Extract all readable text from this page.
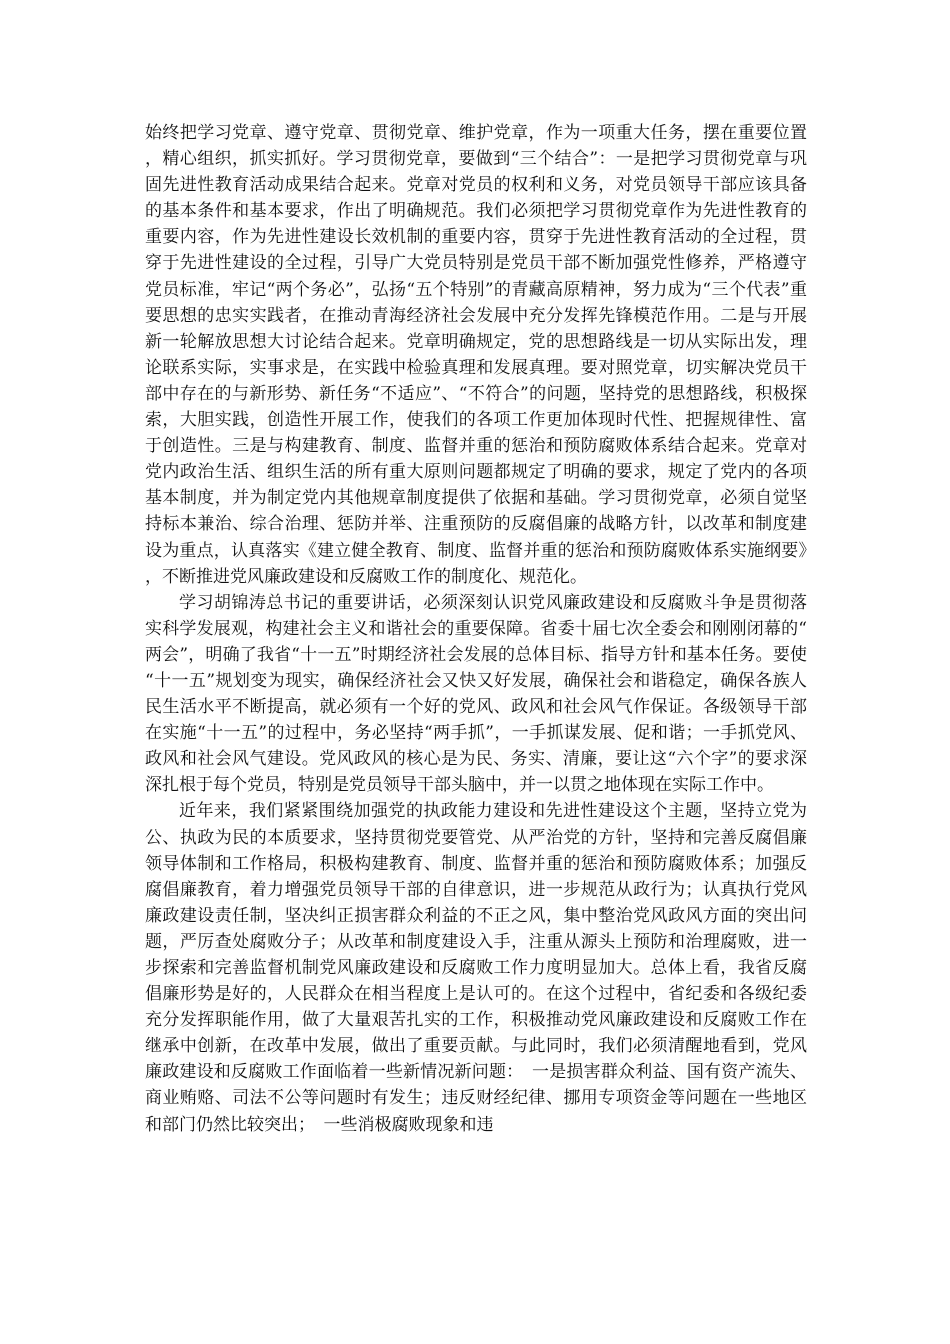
始终把学习党章、遵守党章、贯彻党章、维护党章，作为一项重大任务，摆在重要位置，精心组织，抓实抓好。学习贯彻党章，要做到“三个结合”：一是把学习贯彻党章与巩固先进性教育活动成果结合起来。党章对党员的权利和义务，对党员领导干部应该具备的基本条件和基本要求，作出了明确规范。我们必须把学习贯彻党章作为先进性教育的重要内容，作为先进性建设长效机制的重要内容，贯穿于先进性教育活动的全过程，贯穿于先进性建设的全过程，引导广大党员特别是党员干部不断加强党性修养，严格遵守党员标准，牢记“两个务必”，弘扬“五个特别”的青藏高原精神，努力成为“三个代表”重要思想的忠实实践者，在推动青海经济社会发展中充分发挥先锋模范作用。二是与开展新一轮解放思想大讨论结合起来。党章明确规定，党的思想路线是一切从实际出发，理论联系实际，实事求是，在实践中检验真理和发展真理。要对照党章，切实解决党员干部中存在的与新形势、新任务“不适应”、“不符合”的问题，坚持党的思想路线，积极探索，大胆实践，创造性开展工作，使我们的各项工作更加体现时代性、把握规律性、富于创造性。三是与构建教育、制度、监督并重的惩治和预防腐败体系结合起来。党章对党内政治生活、组织生活的所有重大原则问题都规定了明确的要求，规定了党内的各项基本制度，并为制定党内其他规章制度提供了依据和基础。学习贯彻党章，必须自觉坚持标本兼治、综合治理、惩防并举、注重预防的反腐倡廉的战略方针，以改革和制度建设为重点，认真落实《建立健全教育、制度、监督并重的惩治和预防腐败体系实施纲要》，不断推进党风廉政建设和反腐败工作的制度化、规范化。

学习胡锦涛总书记的重要讲话，必须深刻认识党风廉政建设和反腐败斗争是贯彻落实科学发展观，构建社会主义和谐社会的重要保障。省委十届七次全委会和刚刚闭幕的“两会”，明确了我省“十一五”时期经济社会发展的总体目标、指导方针和基本任务。要使“十一五”规划变为现实，确保经济社会又快又好发展，确保社会和谐稳定，确保各族人民生活水平不断提高，就必须有一个好的党风、政风和社会风气作保证。各级领导干部在实施“十一五”的过程中，务必坚持“两手抓”，一手抓谋发展、促和谐；一手抓党风、政风和社会风气建设。党风政风的核心是为民、务实、清廉，要让这“六个字”的要求深深扎根于每个党员，特别是党员领导干部头脑中，并一以贯之地体现在实际工作中。

近年来，我们紧紧围绕加强党的执政能力建设和先进性建设这个主题，坚持立党为公、执政为民的本质要求，坚持贯彻党要管党、从严治党的方针，坚持和完善反腐倡廉领导体制和工作格局，积极构建教育、制度、监督并重的惩治和预防腐败体系；加强反腐倡廉教育，着力增强党员领导干部的自律意识，进一步规范从政行为；认真执行党风廉政建设责任制，坚决纠正损害群众利益的不正之风，集中整治党风政风方面的突出问题，严厉查处腐败分子；从改革和制度建设入手，注重从源头上预防和治理腐败，进一步探索和完善监督机制党风廉政建设和反腐败工作力度明显加大。总体上看，我省反腐倡廉形势是好的，人民群众在相当程度上是认可的。在这个过程中，省纪委和各级纪委充分发挥职能作用，做了大量艰苦扎实的工作，积极推动党风廉政建设和反腐败工作在继承中创新，在改革中发展，做出了重要贡献。与此同时，我们必须清醒地看到，党风廉政建设和反腐败工作面临着一些新情况新问题：　一是损害群众利益、国有资产流失、商业贿赂、司法不公等问题时有发生；违反财经纪律、挪用专项资金等问题在一些地区和部门仍然比较突出；　一些消极腐败现象和违
